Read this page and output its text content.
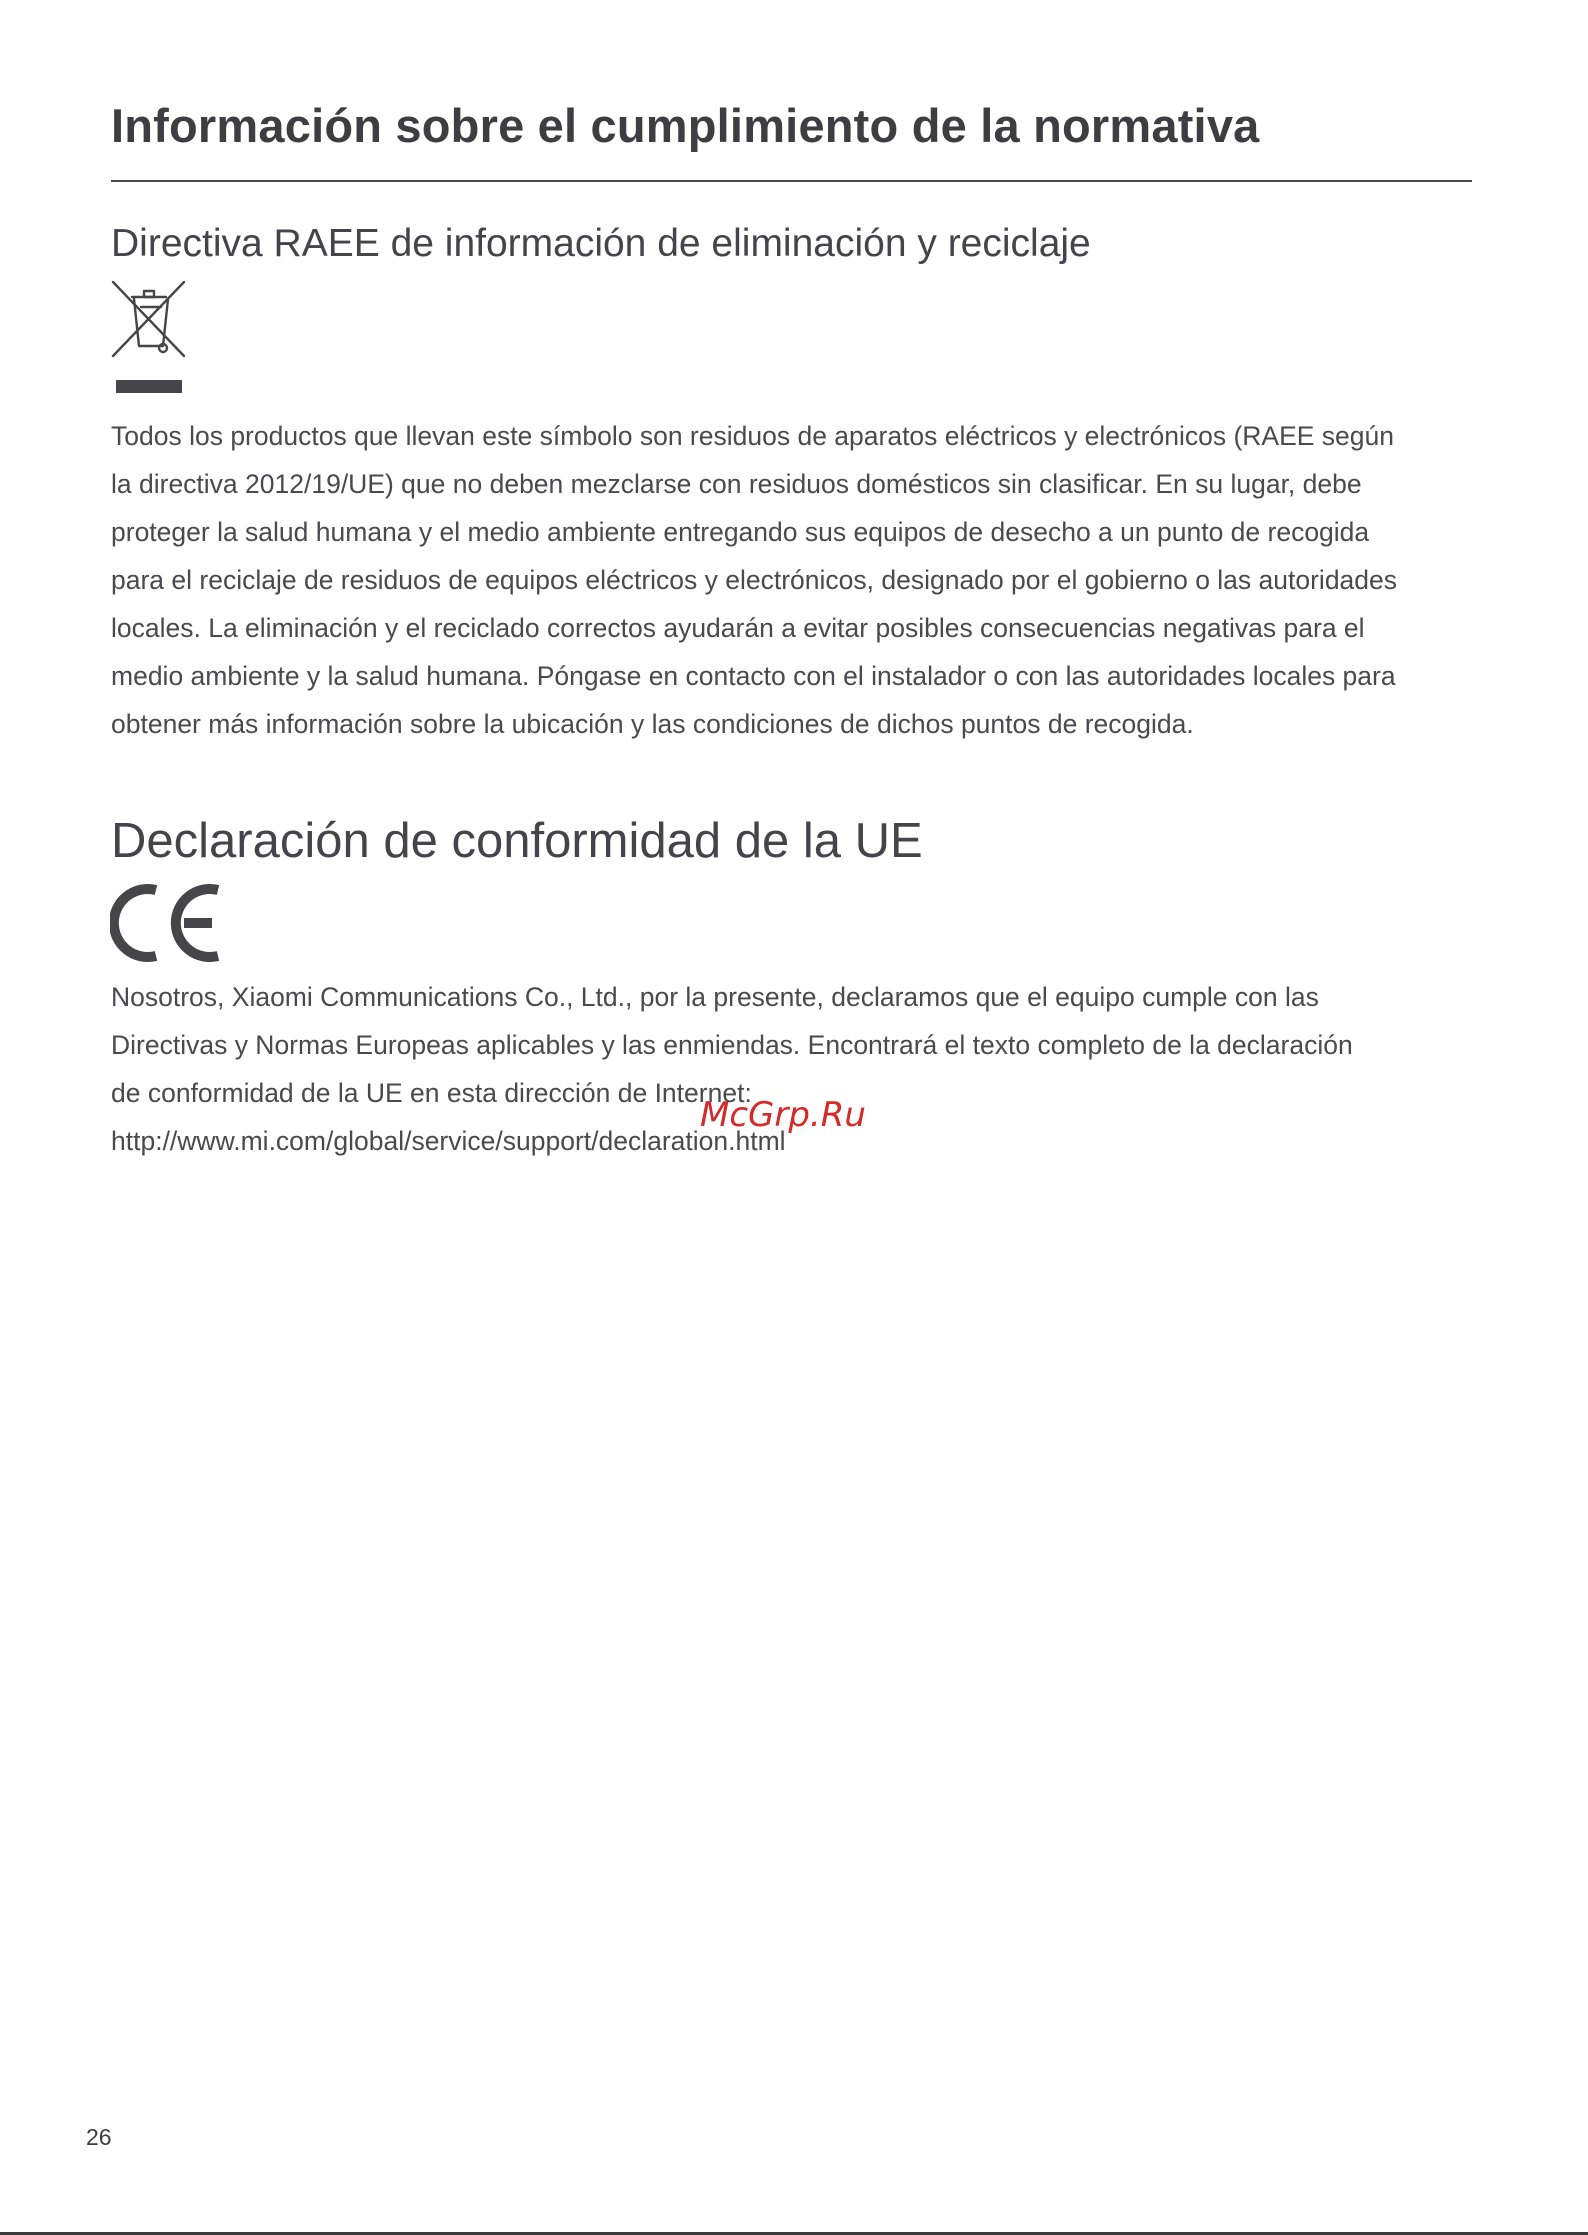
Información sobre el cumplimiento de la normativa
Directiva RAEE de información de eliminación y reciclaje

Todos los productos que llevan este símbolo son residuos de aparatos eléctricos y electrónicos (RAEE según
la directiva 2012/19/UE) que no deben mezclarse con residuos domésticos sin clasificar. En su lugar, debe
proteger la salud humana y el medio ambiente entregando sus equipos de desecho a un punto de recogida
para el reciclaje de residuos de equipos eléctricos y electrónicos, designado por el gobierno o las autoridades
locales. La eliminación y el reciclado correctos ayudarán a evitar posibles consecuencias negativas para el
medio ambiente y la salud humana. Póngase en contacto con el instalador o con las autoridades locales para
obtener más información sobre la ubicación y las condiciones de dichos puntos de recogida.

Declaración de conformidad de la UE

Nosotros, Xiaomi Communications Co., Ltd., por la presente, declaramos que el equipo cumple con las
Directivas y Normas Europeas aplicables y las enmiendas. Encontrará el texto completo de la declaración
de conformidad de la UE en esta dirección de Internet:
http://www.mi.com/global/service/support/declaration.html

McGrp.Ru
26
